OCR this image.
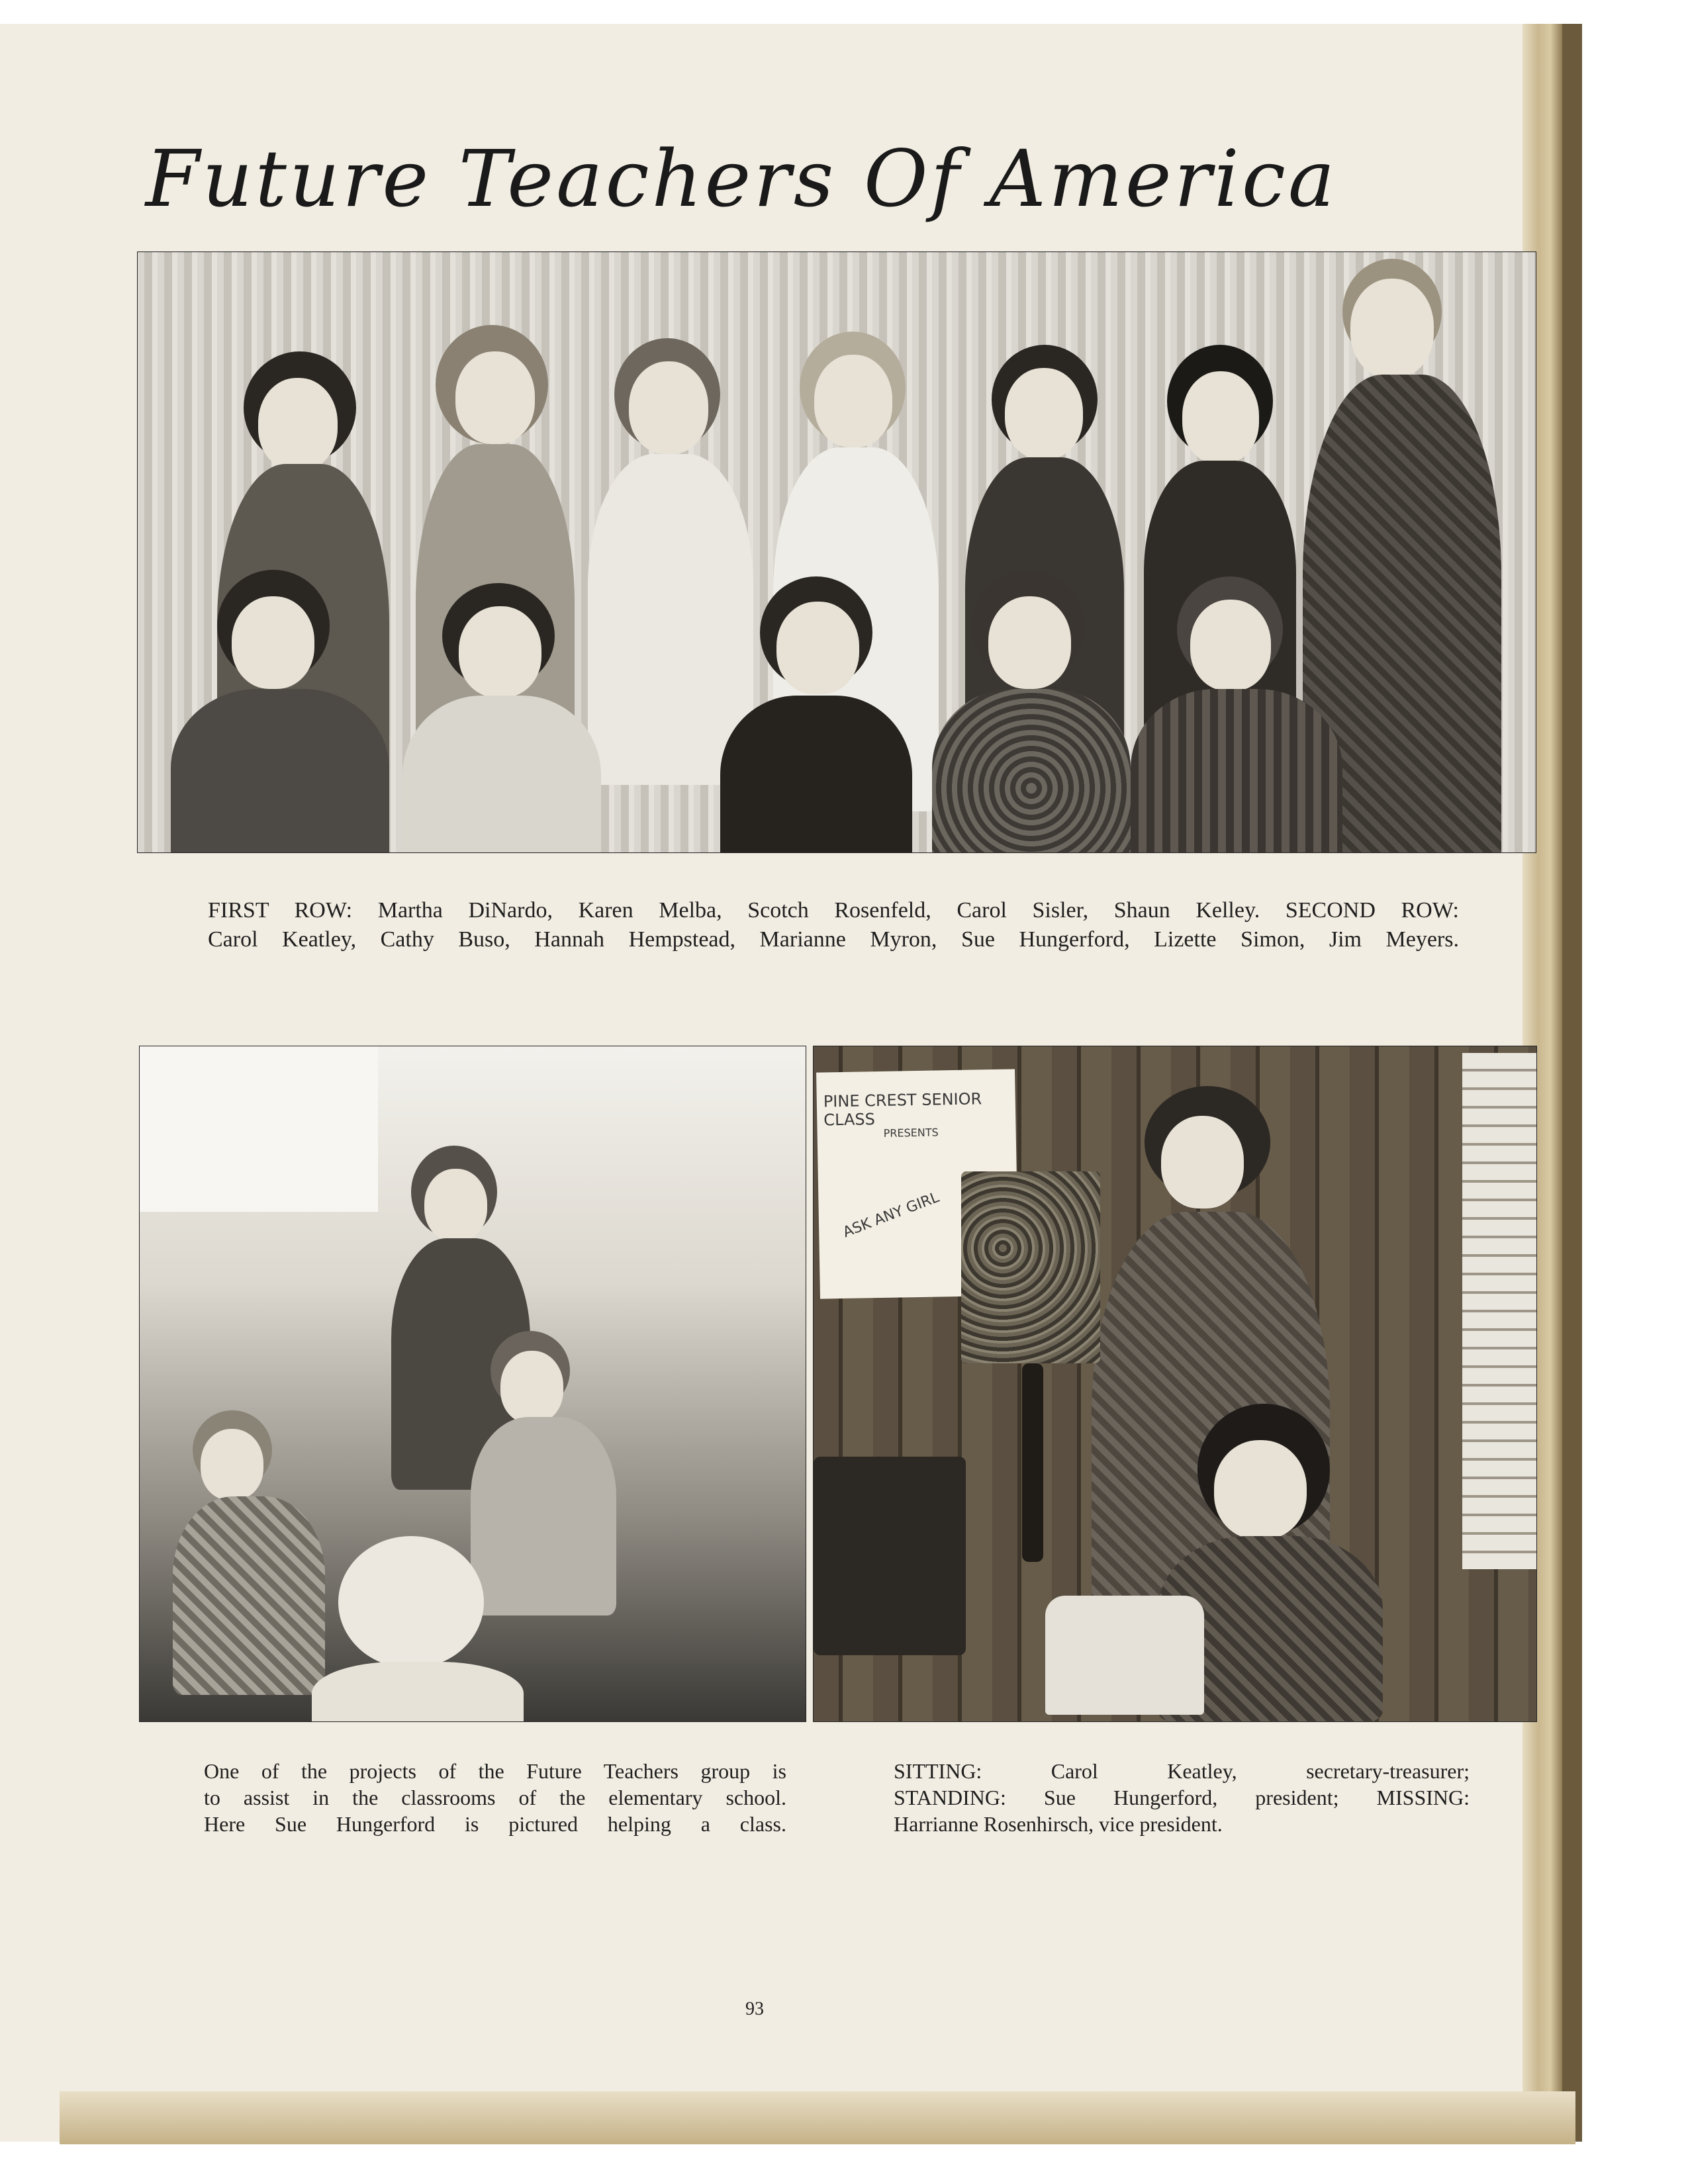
Future Teachers Of America

FIRST ROW: Martha DiNardo, Karen Melba, Scotch Rosenfeld, Carol Sisler, Shaun Kelley. SECOND ROW:
Carol Keatley, Cathy Buso, Hannah Hempstead, Marianne Myron, Sue Hungerford, Lizette Simon, Jim Meyers.

PINE CREST SENIOR CLASS
PRESENTS
ASK ANY GIRL

One of the projects of the Future Teachers group is
to assist in the classrooms of the elementary school.
Here Sue Hungerford is pictured helping a class.

SITTING: Carol Keatley, secretary-treasurer;
STANDING: Sue Hungerford, president; MISSING:
Harrianne Rosenhirsch, vice president.

93
